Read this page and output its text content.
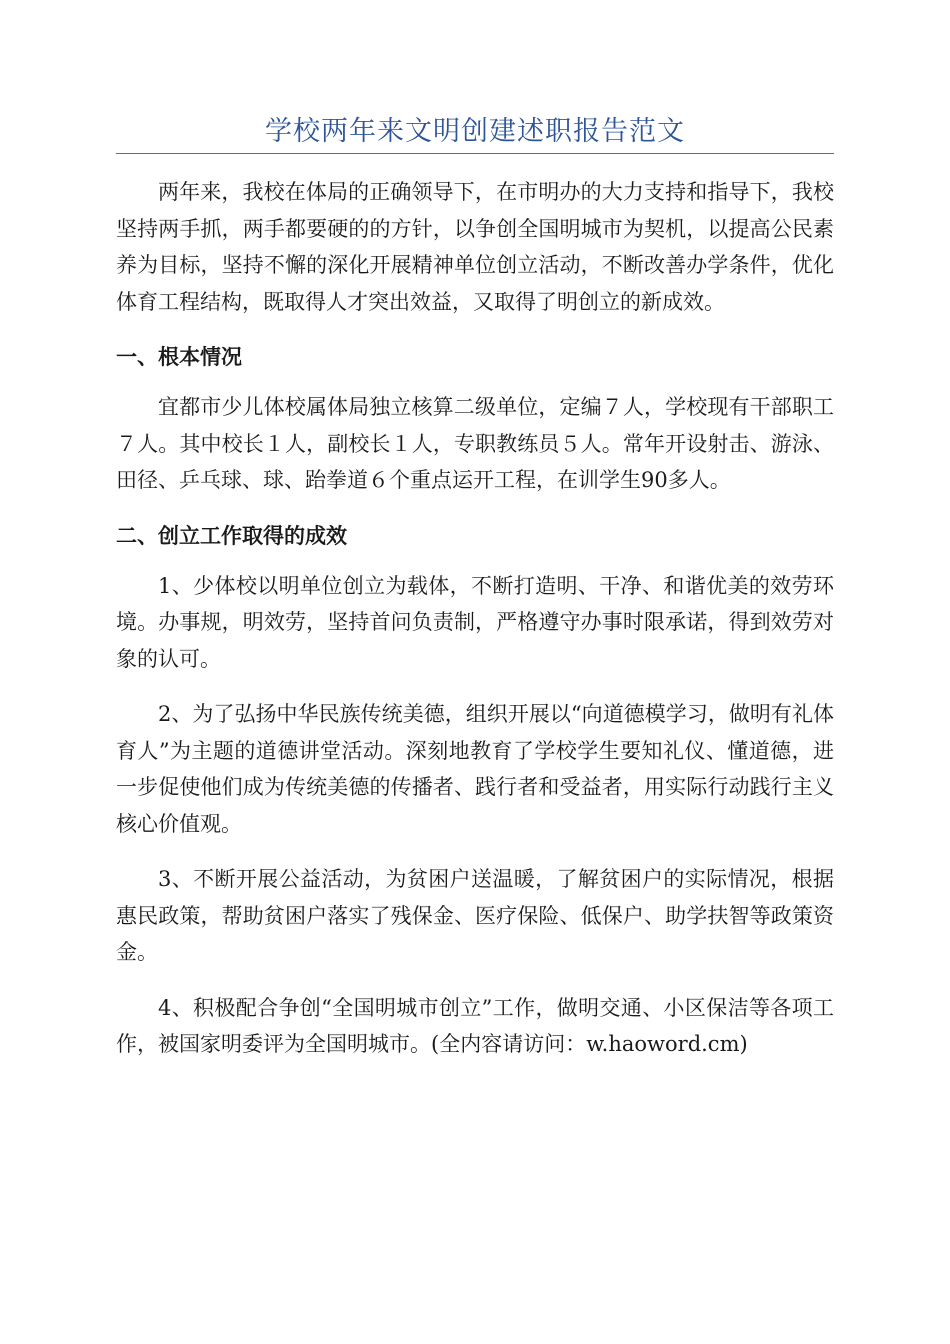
学校两年来文明创建述职报告范文

两年来，我校在体局的正确领导下，在市明办的大力支持和指导下，我校坚持两手抓，两手都要硬的的方针，以争创全国明城市为契机，以提高公民素养为目标，坚持不懈的深化开展精神单位创立活动，不断改善办学条件，优化体育工程结构，既取得人才突出效益，又取得了明创立的新成效。

一、根本情况

宜都市少儿体校属体局独立核算二级单位，定编７人，学校现有干部职工７人。其中校长１人，副校长１人，专职教练员５人。常年开设射击、游泳、田径、乒乓球、球、跆拳道６个重点运开工程，在训学生90多人。

二、创立工作取得的成效

1、少体校以明单位创立为载体，不断打造明、干净、和谐优美的效劳环境。办事规，明效劳，坚持首问负责制，严格遵守办事时限承诺，得到效劳对象的认可。

2、为了弘扬中华民族传统美德，组织开展以“向道德模学习，做明有礼体育人”为主题的道德讲堂活动。深刻地教育了学校学生要知礼仪、懂道德，进一步促使他们成为传统美德的传播者、践行者和受益者，用实际行动践行主义核心价值观。

3、不断开展公益活动，为贫困户送温暖，了解贫困户的实际情况，根据惠民政策，帮助贫困户落实了残保金、医疗保险、低保户、助学扶智等政策资金。

4、积极配合争创“全国明城市创立”工作，做明交通、小区保洁等各项工作，被国家明委评为全国明城市。(全内容请访问：w.haoword.cm)
